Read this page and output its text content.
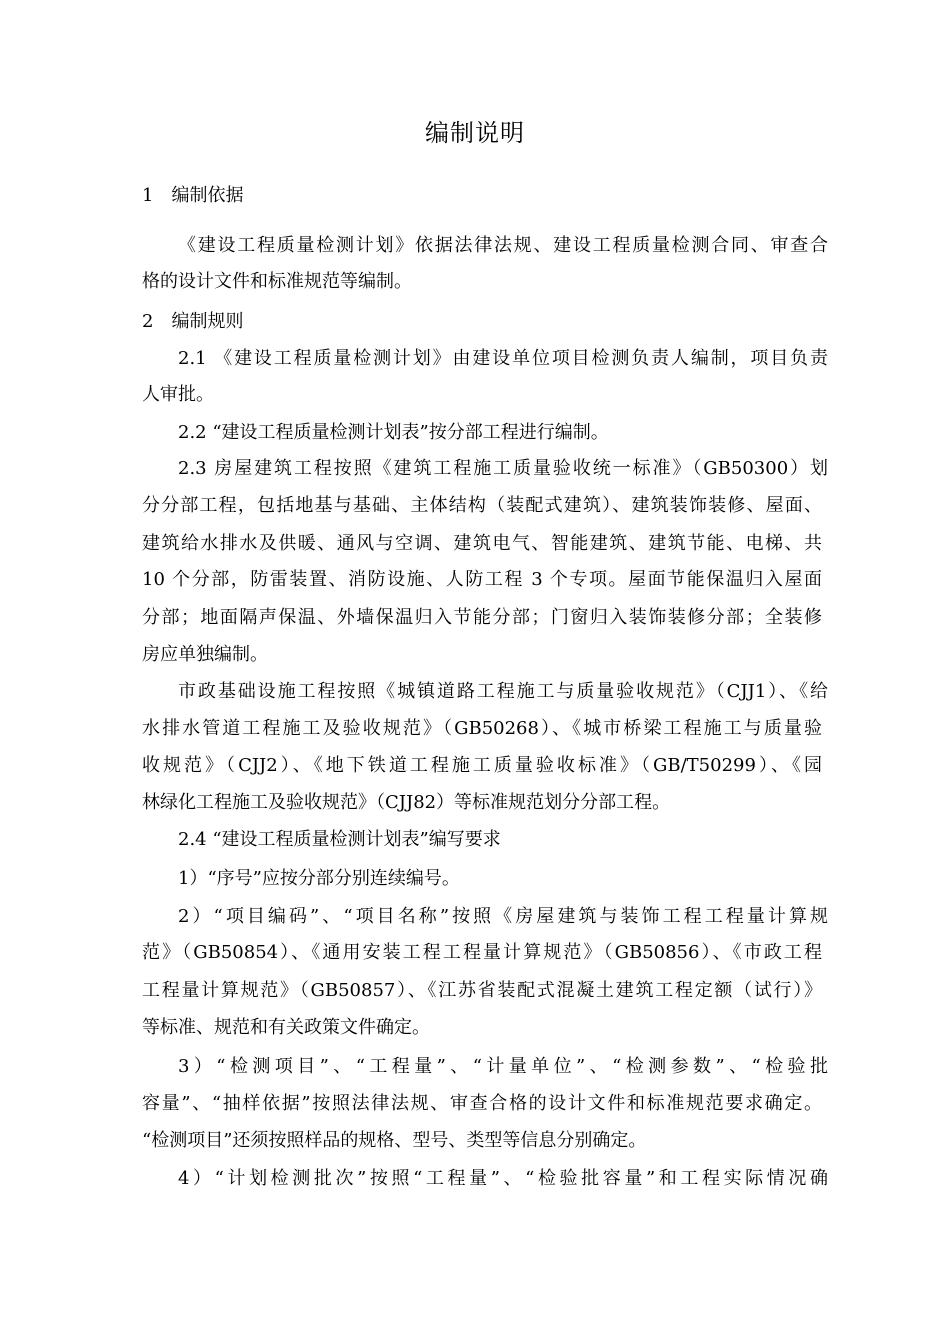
编制说明
1　编制依据
《建设工程质量检测计划》依据法律法规、建设工程质量检测合同、审查合
格的设计文件和标准规范等编制。
2　编制规则
2.1 《建设工程质量检测计划》由建设单位项目检测负责人编制，项目负责
人审批。
2.2 “建设工程质量检测计划表”按分部工程进行编制。
2.3 房屋建筑工程按照《建筑工程施工质量验收统一标准》（GB50300）划
分分部工程，包括地基与基础、主体结构（装配式建筑）、建筑装饰装修、屋面、
建筑给水排水及供暖、通风与空调、建筑电气、智能建筑、建筑节能、电梯、共
10 个分部，防雷装置、消防设施、人防工程 3 个专项。屋面节能保温归入屋面
分部；地面隔声保温、外墙保温归入节能分部；门窗归入装饰装修分部；全装修
房应单独编制。
市政基础设施工程按照《城镇道路工程施工与质量验收规范》（CJJ1）、《给
水排水管道工程施工及验收规范》（GB50268）、《城市桥梁工程施工与质量验
收规范》（CJJ2）、《地下铁道工程施工质量验收标准》（GB/T50299）、《园
林绿化工程施工及验收规范》（CJJ82）等标准规范划分分部工程。
2.4 “建设工程质量检测计划表”编写要求
1）“序号”应按分部分别连续编号。
2）“项目编码”、“项目名称”按照《房屋建筑与装饰工程工程量计算规
范》（GB50854）、《通用安装工程工程量计算规范》（GB50856）、《市政工程
工程量计算规范》（GB50857）、《江苏省装配式混凝土建筑工程定额（试行）》
等标准、规范和有关政策文件确定。
3）“检测项目”、“工程量”、“计量单位”、“检测参数”、“检验批
容量”、“抽样依据”按照法律法规、审查合格的设计文件和标准规范要求确定。
“检测项目”还须按照样品的规格、型号、类型等信息分别确定。
4）“计划检测批次”按照“工程量”、“检验批容量”和工程实际情况确
